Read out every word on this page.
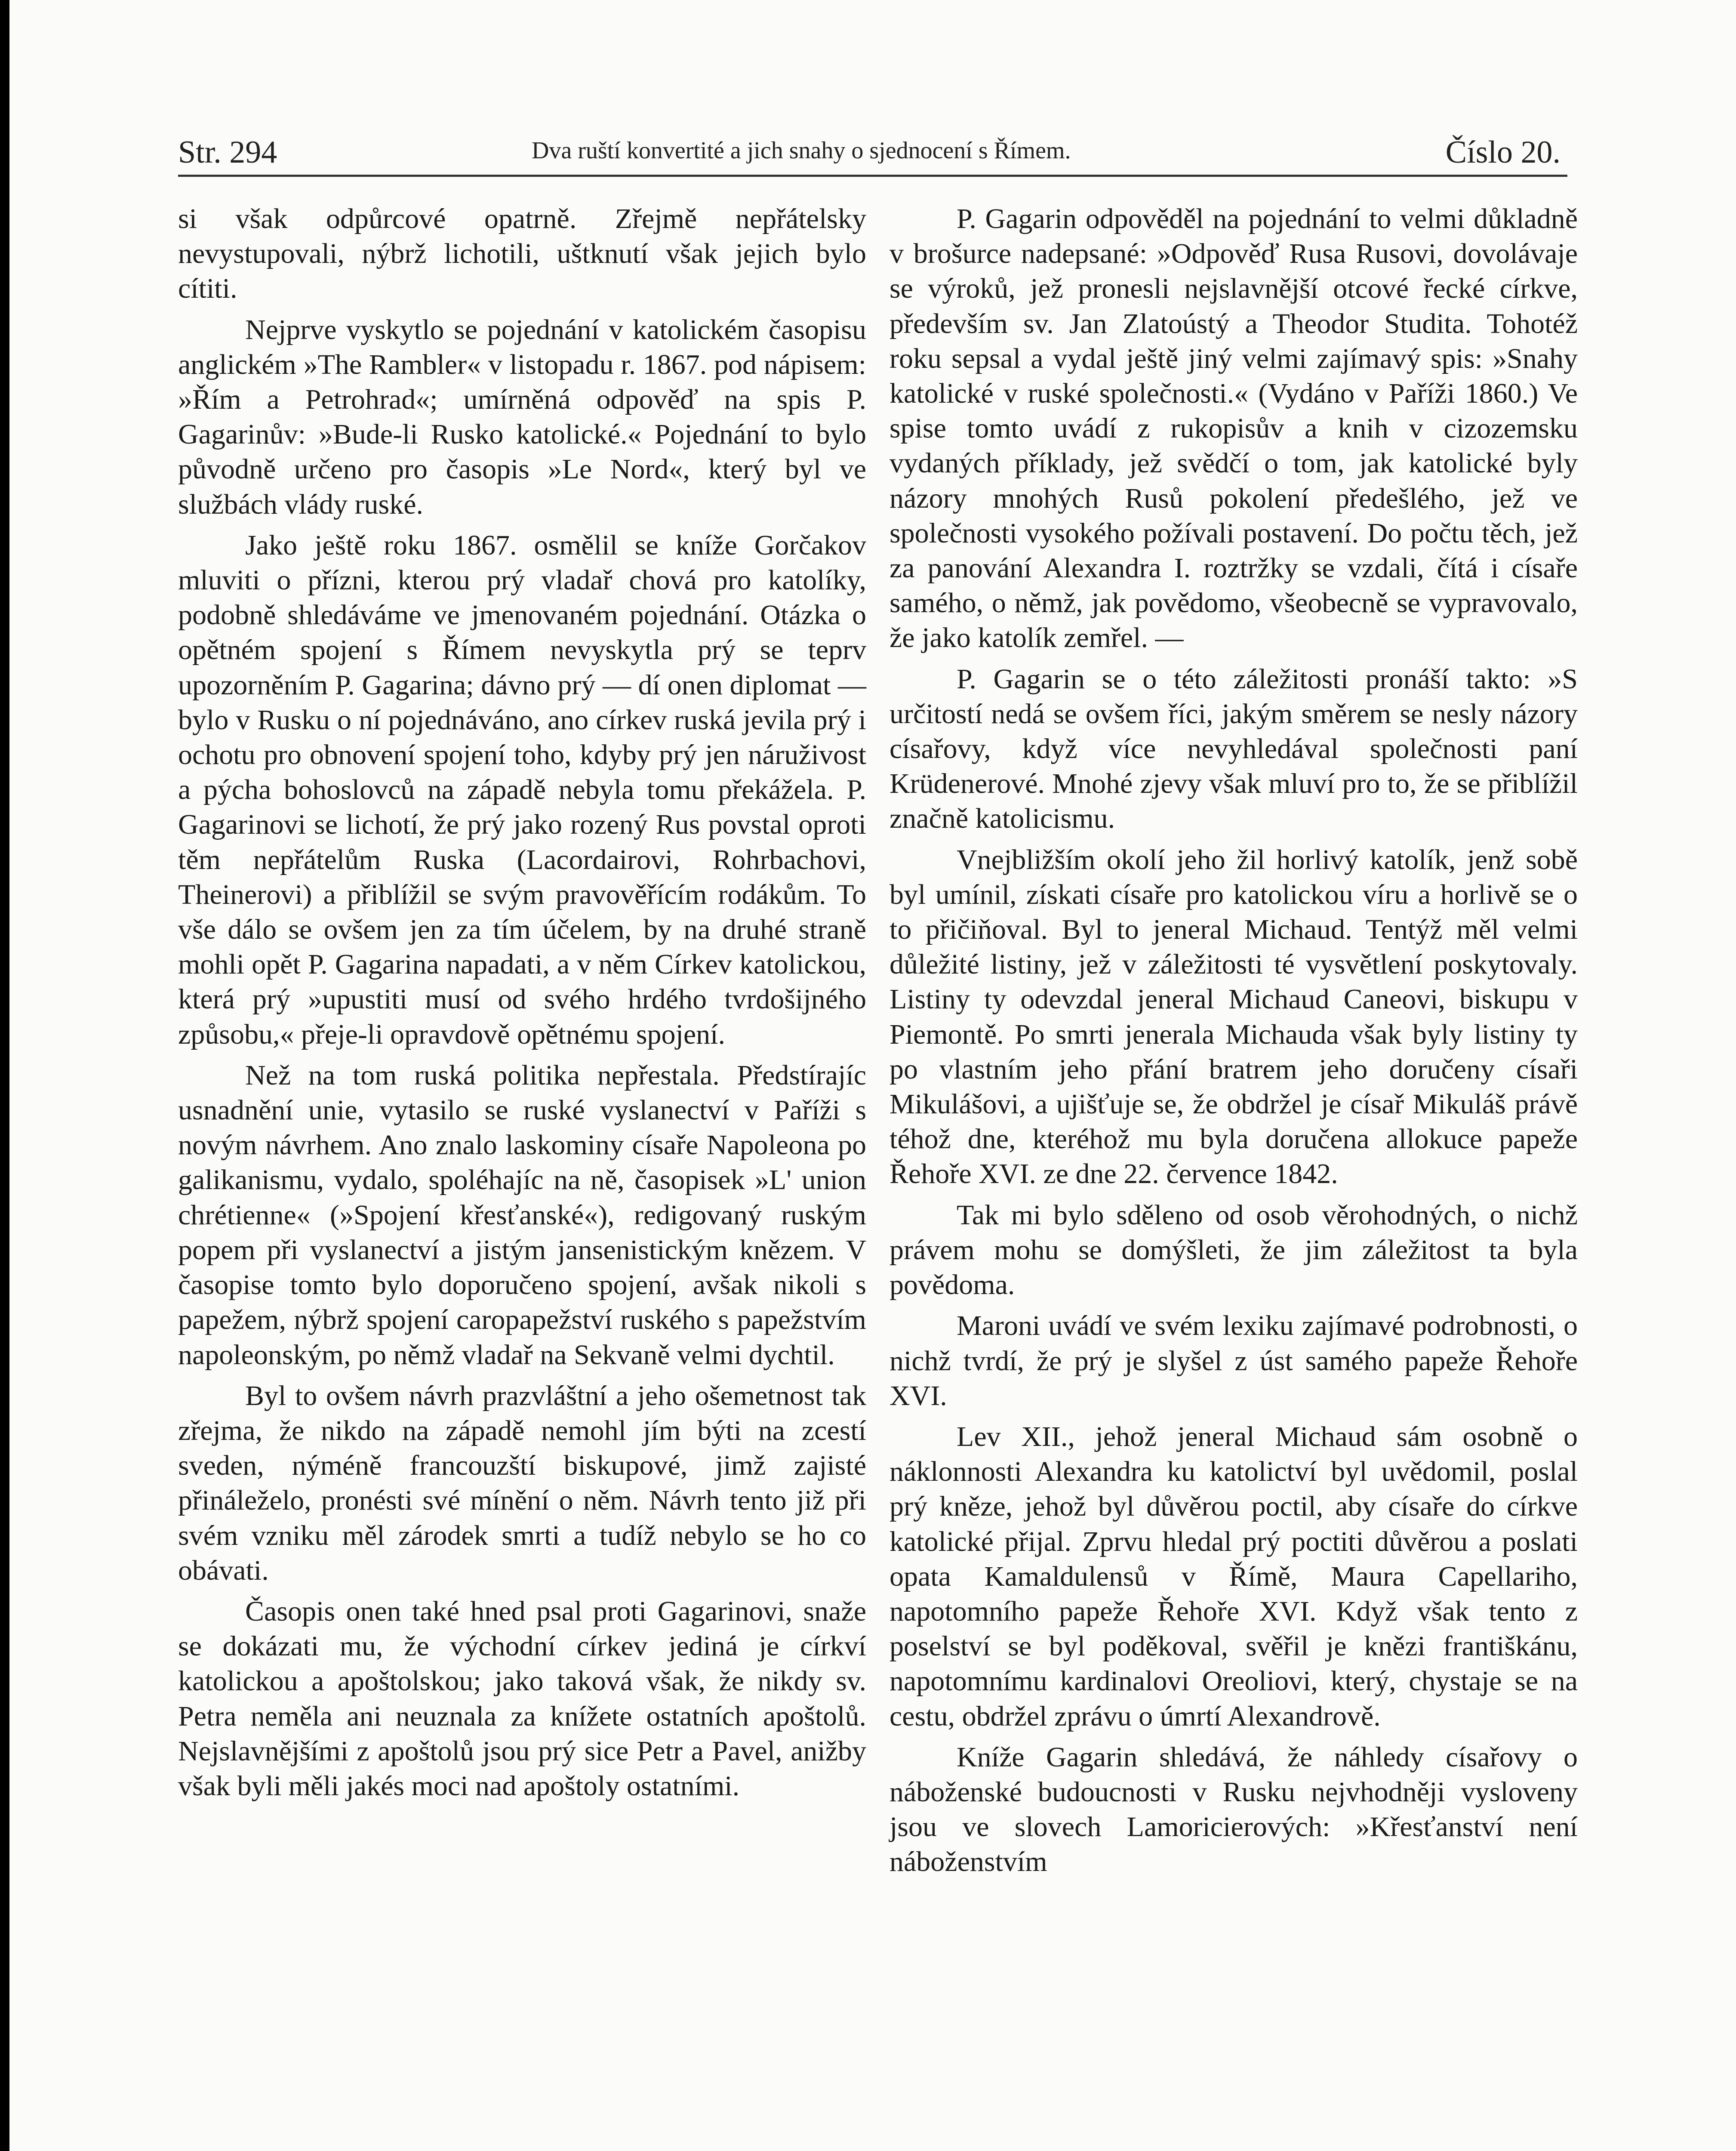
Str. 294	Dva ruští konvertité a jich snahy o sjednocení s Římem.	Číslo 20.

si však odpůrcové opatrně. Zřejmě nepřátelsky nevystupovali, nýbrž lichotili, uštknutí však jejich bylo cítiti.

Nejprve vyskytlo se pojednání v katolickém časopisu anglickém »The Rambler« v listopadu r. 1867. pod nápisem: »Řím a Petrohrad«; umírněná odpověď na spis P. Gagarinův: »Bude-li Rusko katolické.« Pojednání to bylo původně určeno pro časopis »Le Nord«, který byl ve službách vlády ruské.

Jako ještě roku 1867. osmělil se kníže Gorčakov mluviti o přízni, kterou prý vladař chová pro katolíky, podobně shledáváme ve jmenovaném pojednání. Otázka o opětném spojení s Římem nevyskytla prý se teprv upozorněním P. Gagarina; dávno prý — dí onen diplomat — bylo v Rusku o ní pojednáváno, ano církev ruská jevila prý i ochotu pro obnovení spojení toho, kdyby prý jen náruživost a pýcha bohoslovců na západě nebyla tomu překážela. P. Gagarinovi se lichotí, že prý jako rozený Rus povstal oproti těm nepřátelům Ruska (Lacordairovi, Rohrbachovi, Theinerovi) a přiblížil se svým pravověřícím rodákům. To vše dálo se ovšem jen za tím účelem, by na druhé straně mohli opět P. Gagarina napadati, a v něm Církev katolickou, která prý »upustiti musí od svého hrdého tvrdošijného způsobu,« přeje-li opravdově opětnému spojení.

Než na tom ruská politika nepřestala. Předstírajíc usnadnění unie, vytasilo se ruské vyslanectví v Paříži s novým návrhem. Ano znalo laskominy císaře Napoleona po galikanismu, vydalo, spoléhajíc na ně, časopisek »L' union chrétienne« (»Spojení křesťanské«), redigovaný ruským popem při vyslanectví a jistým jansenistickým knězem. V časopise tomto bylo doporučeno spojení, avšak nikoli s papežem, nýbrž spojení caropapežství ruského s papežstvím napoleonským, po němž vladař na Sekvaně velmi dychtil.

Byl to ovšem návrh prazvláštní a jeho ošemetnost tak zřejma, že nikdo na západě nemohl jím býti na zcestí sveden, nýméně francouzští biskupové, jimž zajisté přináleželo, pronésti své mínění o něm. Návrh tento již při svém vzniku měl zárodek smrti a tudíž nebylo se ho co obávati.

Časopis onen také hned psal proti Gagarinovi, snaže se dokázati mu, že východní církev jediná je církví katolickou a apoštolskou; jako taková však, že nikdy sv. Petra neměla ani neuznala za knížete ostatních apoštolů. Nejslavnějšími z apoštolů jsou prý sice Petr a Pavel, anižby však byli měli jakés moci nad apoštoly ostatními.

P. Gagarin odpověděl na pojednání to velmi důkladně v brošurce nadepsané: »Odpověď Rusa Rusovi, dovolávaje se výroků, jež pronesli nejslavnější otcové řecké církve, především sv. Jan Zlatoústý a Theodor Studita. Tohotéž roku sepsal a vydal ještě jiný velmi zajímavý spis: »Snahy katolické v ruské společnosti.« (Vydáno v Paříži 1860.) Ve spise tomto uvádí z rukopisův a knih v cizozemsku vydaných příklady, jež svědčí o tom, jak katolické byly názory mnohých Rusů pokolení předešlého, jež ve společnosti vysokého požívali postavení. Do počtu těch, jež za panování Alexandra I. roztržky se vzdali, čítá i císaře samého, o němž, jak povědomo, všeobecně se vypravovalo, že jako katolík zemřel. —

P. Gagarin se o této záležitosti pronáší takto: »S určitostí nedá se ovšem říci, jakým směrem se nesly názory císařovy, když více nevyhledával společnosti paní Krüdenerové. Mnohé zjevy však mluví pro to, že se přiblížil značně katolicismu.

Vnejbližším okolí jeho žil horlivý katolík, jenž sobě byl umínil, získati císaře pro katolickou víru a horlivě se o to přičiňoval. Byl to jeneral Michaud. Tentýž měl velmi důležité listiny, jež v záležitosti té vysvětlení poskytovaly. Listiny ty odevzdal jeneral Michaud Caneovi, biskupu v Piemontě. Po smrti jenerala Michauda však byly listiny ty po vlastním jeho přání bratrem jeho doručeny císaři Mikulášovi, a ujišťuje se, že obdržel je císař Mikuláš právě téhož dne, kteréhož mu byla doručena allokuce papeže Řehoře XVI. ze dne 22. července 1842.

Tak mi bylo sděleno od osob věrohodných, o nichž právem mohu se domýšleti, že jim záležitost ta byla povědoma.

Maroni uvádí ve svém lexiku zajímavé podrobnosti, o nichž tvrdí, že prý je slyšel z úst samého papeže Řehoře XVI.

Lev XII., jehož jeneral Michaud sám osobně o náklonnosti Alexandra ku katolictví byl uvědomil, poslal prý kněze, jehož byl důvěrou poctil, aby císaře do církve katolické přijal. Zprvu hledal prý poctiti důvěrou a poslati opata Kamaldulensů v Římě, Maura Capellariho, napotomního papeže Řehoře XVI. Když však tento z poselství se byl poděkoval, svěřil je knězi františkánu, napotomnímu kardinalovi Oreoliovi, který, chystaje se na cestu, obdržel zprávu o úmrtí Alexandrově.

Kníže Gagarin shledává, že náhledy císařovy o náboženské budoucnosti v Rusku nejvhodněji vysloveny jsou ve slovech Lamoricierových: »Křesťanství není náboženstvím
